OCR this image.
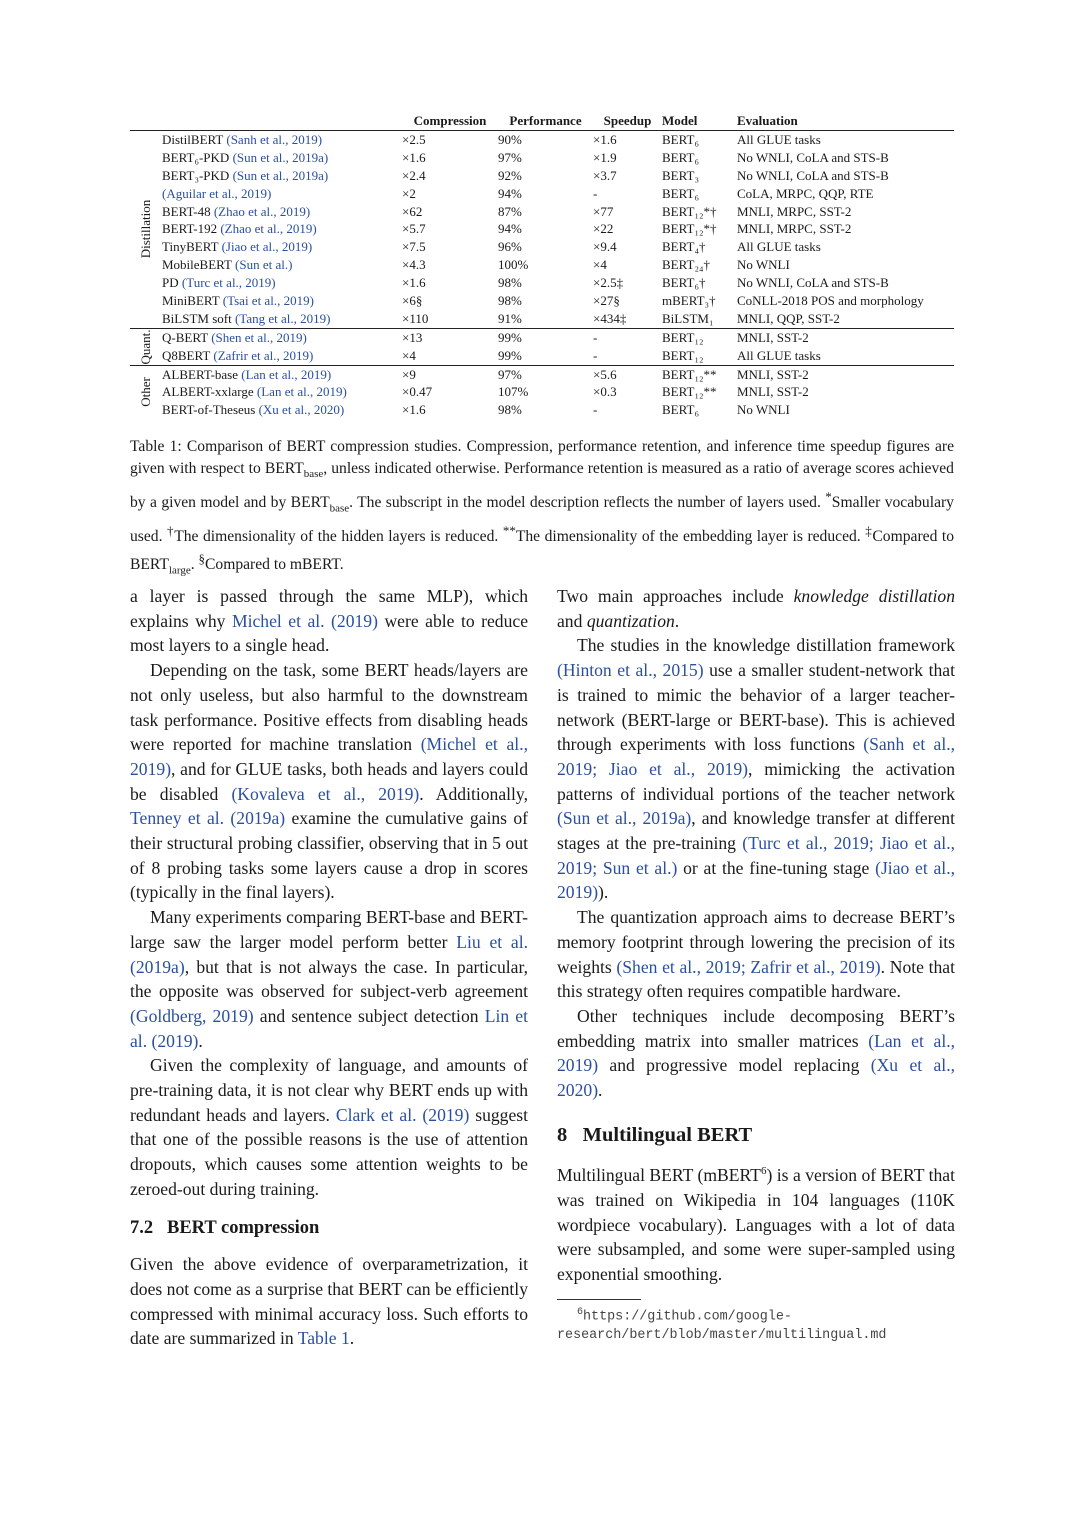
Compression	Performance	Speedup Model	Evaluation
Distillation
DistilBERT (Sanh et al., 2019)	×2.5	90%	×1.6	BERT₆	All GLUE tasks
BERT₆-PKD (Sun et al., 2019a)	×1.6	97%	×1.9	BERT₆	No WNLI, CoLA and STS-B
BERT₃-PKD (Sun et al., 2019a)	×2.4	92%	×3.7	BERT₃	No WNLI, CoLA and STS-B
(Aguilar et al., 2019)	×2	94%	-	BERT₆	CoLA, MRPC, QQP, RTE
BERT-48 (Zhao et al., 2019)	×62	87%	×77	BERT₁₂*†	MNLI, MRPC, SST-2
BERT-192 (Zhao et al., 2019)	×5.7	94%	×22	BERT₁₂*†	MNLI, MRPC, SST-2
TinyBERT (Jiao et al., 2019)	×7.5	96%	×9.4	BERT₄†	All GLUE tasks
MobileBERT (Sun et al.)	×4.3	100%	×4	BERT₂₄†	No WNLI
PD (Turc et al., 2019)	×1.6	98%	×2.5‡	BERT₆†	No WNLI, CoLA and STS-B
MiniBERT (Tsai et al., 2019)	×6§	98%	×27§	mBERT₃†	CoNLL-2018 POS and morphology
BiLSTM soft (Tang et al., 2019)	×110	91%	×434‡	BiLSTM₁	MNLI, QQP, SST-2
Quant. Q-BERT (Shen et al., 2019)	×13	99%	-	BERT₁₂	MNLI, SST-2
Q8BERT (Zafrir et al., 2019)	×4	99%	-	BERT₁₂	All GLUE tasks
Other
ALBERT-base (Lan et al., 2019)	×9	97%	×5.6	BERT₁₂**	MNLI, SST-2
ALBERT-xxlarge (Lan et al., 2019)	×0.47	107%	×0.3	BERT₁₂**	MNLI, SST-2
BERT-of-Theseus (Xu et al., 2020)	×1.6	98%	-	BERT₆	No WNLI
Table 1: Comparison of BERT compression studies. Compression, performance retention, and inference time speedup figures are given with respect to $BERT_{base}$, unless indicated otherwise. Performance retention is measured as a ratio of average scores achieved by a given model and by $BERT_{base}$. The subscript in the model description reflects the number of layers used. *Smaller vocabulary used. †The dimensionality of the hidden layers is reduced. **The dimensionality of the embedding layer is reduced. ‡Compared to $BERT_{large}$. §Compared to mBERT.

a layer is passed through the same MLP), which explains why Michel et al. (2019) were able to reduce most layers to a single head.

Depending on the task, some BERT heads/layers are not only useless, but also harmful to the downstream task performance. Positive effects from disabling heads were reported for machine translation (Michel et al., 2019), and for GLUE tasks, both heads and layers could be disabled (Kovaleva et al., 2019). Additionally, Tenney et al. (2019a) examine the cumulative gains of their structural probing classifier, observing that in 5 out of 8 probing tasks some layers cause a drop in scores (typically in the final layers).

Many experiments comparing BERT-base and BERT-large saw the larger model perform better Liu et al. (2019a), but that is not always the case. In particular, the opposite was observed for subject-verb agreement (Goldberg, 2019) and sentence subject detection Lin et al. (2019).

Given the complexity of language, and amounts of pre-training data, it is not clear why BERT ends up with redundant heads and layers. Clark et al. (2019) suggest that one of the possible reasons is the use of attention dropouts, which causes some attention weights to be zeroed-out during training.

7.2 BERT compression

Given the above evidence of overparametrization, it does not come as a surprise that BERT can be efficiently compressed with minimal accuracy loss. Such efforts to date are summarized in Table 1.

Two main approaches include knowledge distillation and quantization.

The studies in the knowledge distillation framework (Hinton et al., 2015) use a smaller student-network that is trained to mimic the behavior of a larger teacher-network (BERT-large or BERT-base). This is achieved through experiments with loss functions (Sanh et al., 2019; Jiao et al., 2019), mimicking the activation patterns of individual portions of the teacher network (Sun et al., 2019a), and knowledge transfer at different stages at the pre-training (Turc et al., 2019; Jiao et al., 2019; Sun et al.) or at the fine-tuning stage (Jiao et al., 2019)).

The quantization approach aims to decrease BERT’s memory footprint through lowering the precision of its weights (Shen et al., 2019; Zafrir et al., 2019). Note that this strategy often requires compatible hardware.

Other techniques include decomposing BERT’s embedding matrix into smaller matrices (Lan et al., 2019) and progressive model replacing (Xu et al., 2020).

8 Multilingual BERT

Multilingual BERT (mBERT$^6$) is a version of BERT that was trained on Wikipedia in 104 languages (110K wordpiece vocabulary). Languages with a lot of data were subsampled, and some were super-sampled using exponential smoothing.

$^6$https://github.com/google-research/bert/blob/master/multilingual.md
